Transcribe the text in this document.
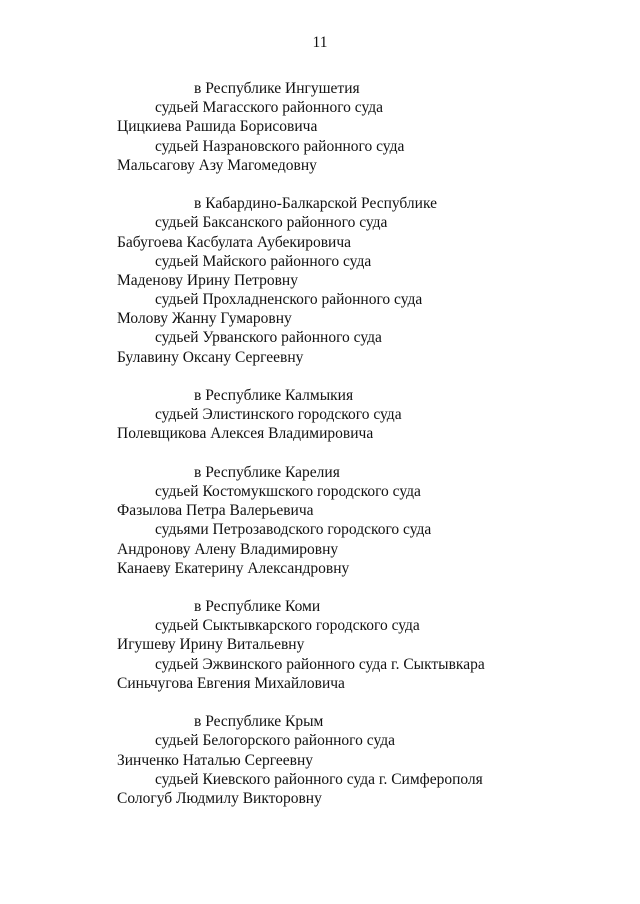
11
в Республике Ингушетия
судьей Магасского районного суда
Цицкиева Рашида Борисовича
судьей Назрановского районного суда
Мальсагову Азу Магомедовну
в Кабардино-Балкарской Республике
судьей Баксанского районного суда
Бабугоева Касбулата Аубекировича
судьей Майского районного суда
Маденову Ирину Петровну
судьей Прохладненского районного суда
Молову Жанну Гумаровну
судьей Урванского районного суда
Булавину Оксану Сергеевну
в Республике Калмыкия
судьей Элистинского городского суда
Полевщикова Алексея Владимировича
в Республике Карелия
судьей Костомукшского городского суда
Фазылова Петра Валерьевича
судьями Петрозаводского городского суда
Андронову Алену Владимировну
Канаеву Екатерину Александровну
в Республике Коми
судьей Сыктывкарского городского суда
Игушеву Ирину Витальевну
судьей Эжвинского районного суда г. Сыктывкара
Синьчугова Евгения Михайловича
в Республике Крым
судьей Белогорского районного суда
Зинченко Наталью Сергеевну
судьей Киевского районного суда г. Симферополя
Сологуб Людмилу Викторовну
